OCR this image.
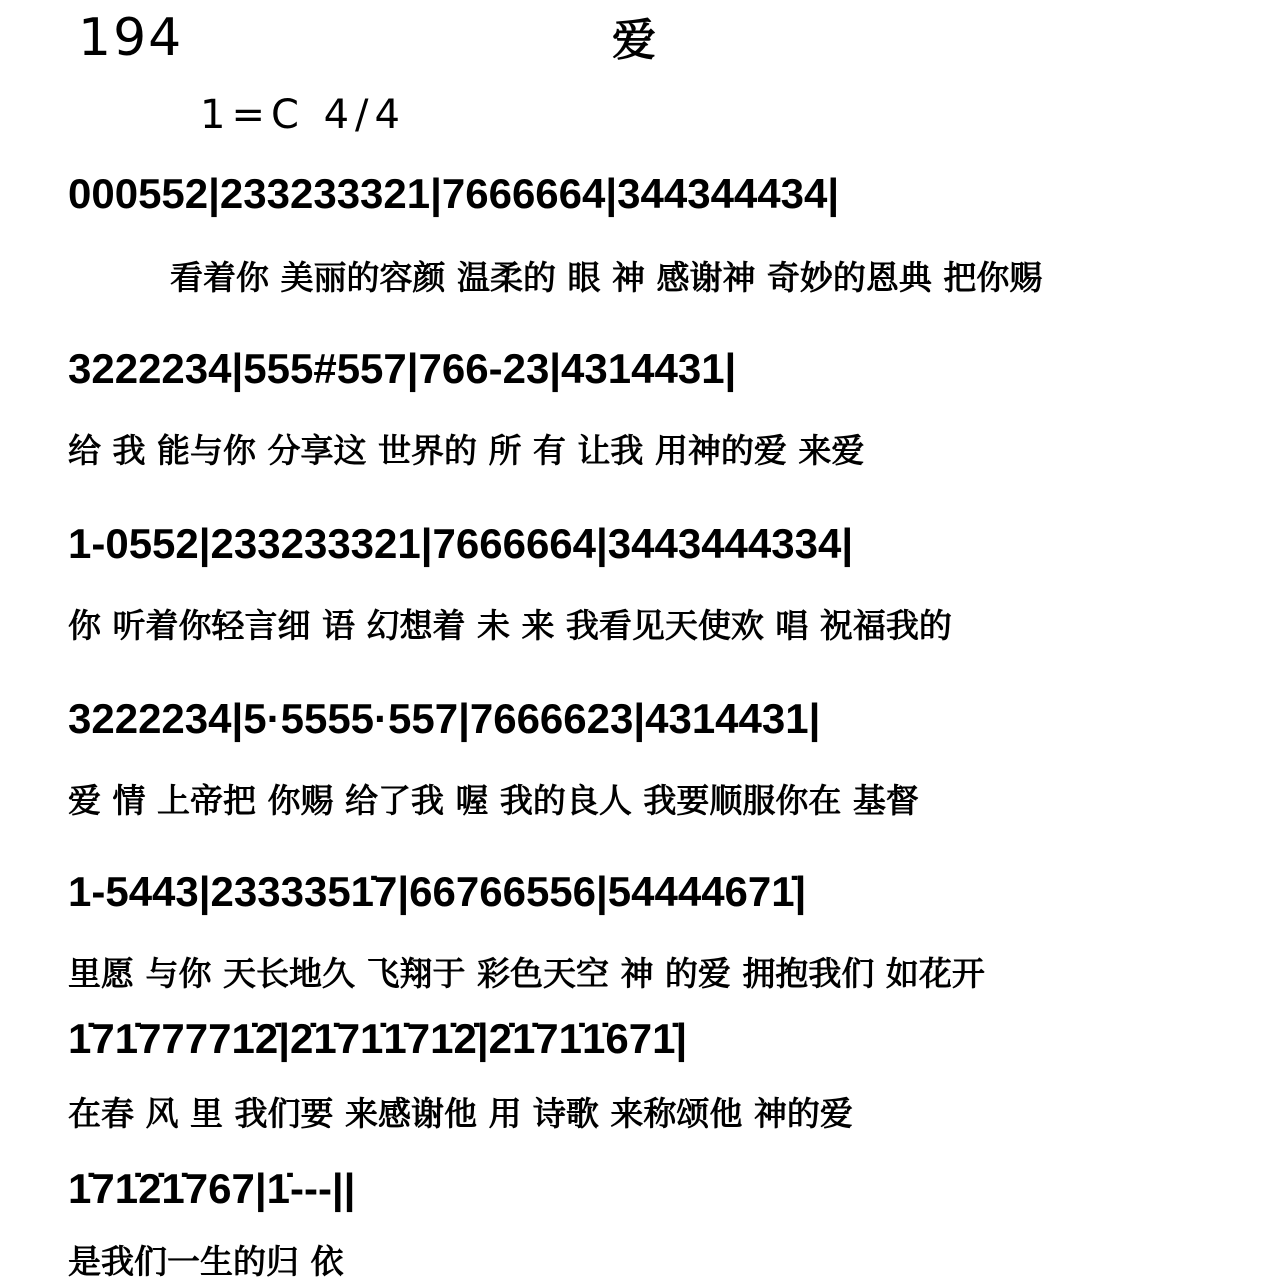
194	爱
1=C 4/4
000552|233233321|7666664|344344434|
看着你 美丽的容颜 温柔的 眼 神 感谢神 奇妙的恩典 把你赐
3222234|555#557|766-23|4314431|
给 我 能与你 分享这 世界的 所 有 让我 用神的爱 来爱
1-0552|233233321|7666664|3443444334|
你 听着你轻言细 语 幻想着 未 来 我看见天使欢 唱 祝福我的
3222234|5·5555·557|7666623|4314431|
爱 情 上帝把 你赐 给了我 喔 我的良人 我要顺服你在 基督
1-5443|2333351̇7|66766556|54444671̇|
里愿 与你 天长地久 飞翔于 彩色天空 神 的爱 拥抱我们 如花开
1̇71̇77771̇2̇|2̇1̇71̇1̇71̇2̇|2̇1̇71̇1̇671̇|
在春 风 里 我们要 来感谢他 用 诗歌 来称颂他 神的爱
1̇71̇2̇1̇767|1̇---||
是我们一生的归 依
